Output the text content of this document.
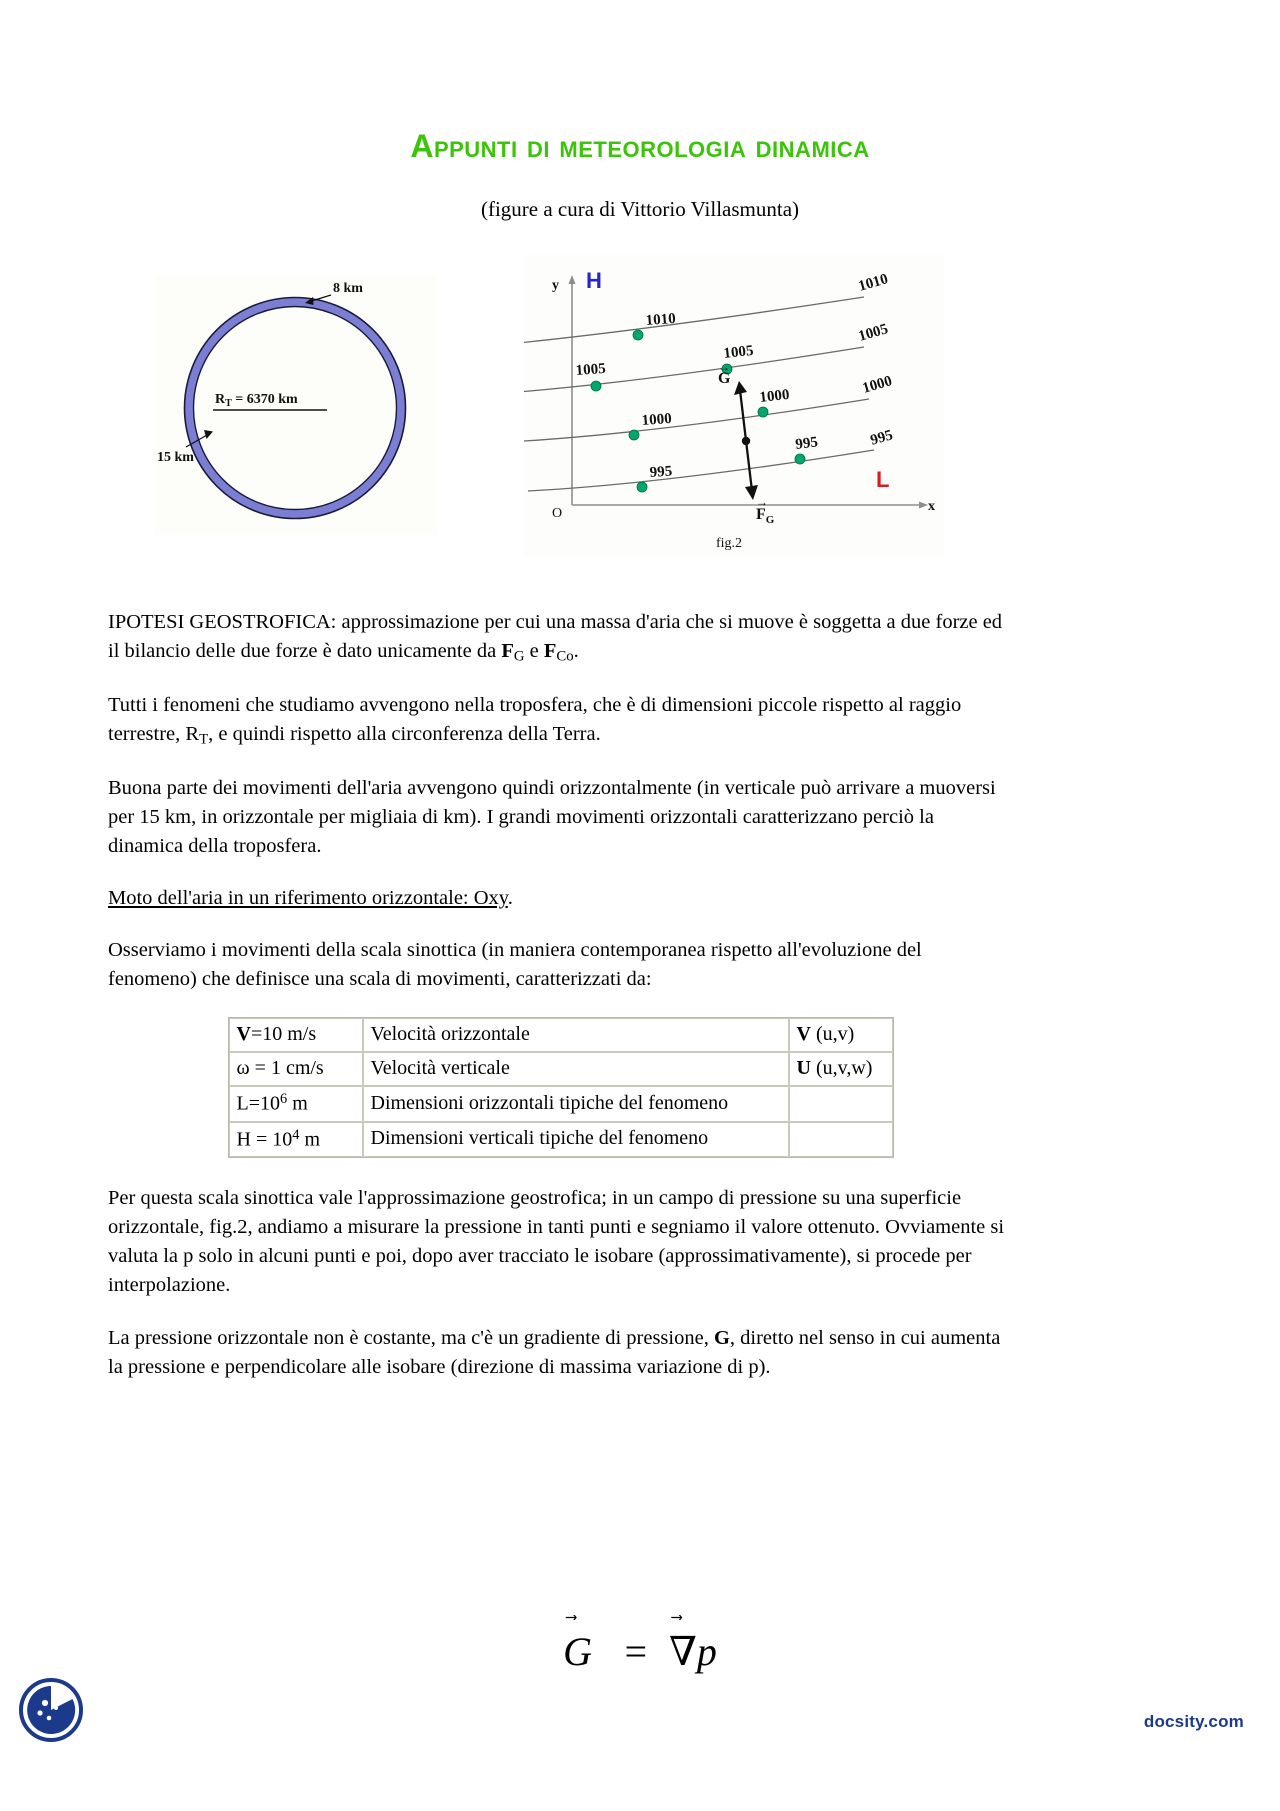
Appunti di meteorologia dinamica
(figure a cura di Vittorio Villasmunta)
8 km
15 km
$R_T = 6370$ km
y
x
O
H
L
1010
1005
1005
1000
1000
995
995
1010
1005
1000
995
G
→
$F_G$
→
fig.2

IPOTESI GEOSTROFICA: approssimazione per cui una massa d'aria che si muove è soggetta a due forze ed il bilancio delle due forze è dato unicamente da $F_G$ e $F_{Co}$.

Tutti i fenomeni che studiamo avvengono nella troposfera, che è di dimensioni piccole rispetto al raggio terrestre, $R_T$, e quindi rispetto alla circonferenza della Terra.

Buona parte dei movimenti dell'aria avvengono quindi orizzontalmente (in verticale può arrivare a muoversi per 15 km, in orizzontale per migliaia di km). I grandi movimenti orizzontali caratterizzano perciò la dinamica della troposfera.

Moto dell'aria in un riferimento orizzontale: Oxy.

Osserviamo i movimenti della scala sinottica (in maniera contemporanea rispetto all'evoluzione del fenomeno) che definisce una scala di movimenti, caratterizzati da:

V=10 m/s	Velocità orizzontale	V (u,v)
ω = 1 cm/s	Velocità verticale	U (u,v,w)
$L=10^6$ m	Dimensioni orizzontali tipiche del fenomeno	
$H = 10^4$ m	Dimensioni verticali tipiche del fenomeno	

Per questa scala sinottica vale l'approssimazione geostrofica; in un campo di pressione su una superficie orizzontale, fig.2, andiamo a misurare la pressione in tanti punti e segniamo il valore ottenuto. Ovviamente si valuta la p solo in alcuni punti e poi, dopo aver tracciato le isobare (approssimativamente), si procede per interpolazione.

La pressione orizzontale non è costante, ma c'è un gradiente di pressione, G, diretto nel senso in cui aumenta la pressione e perpendicolare alle isobare (direzione di massima variazione di p).

G = ∇p
docsity.com
